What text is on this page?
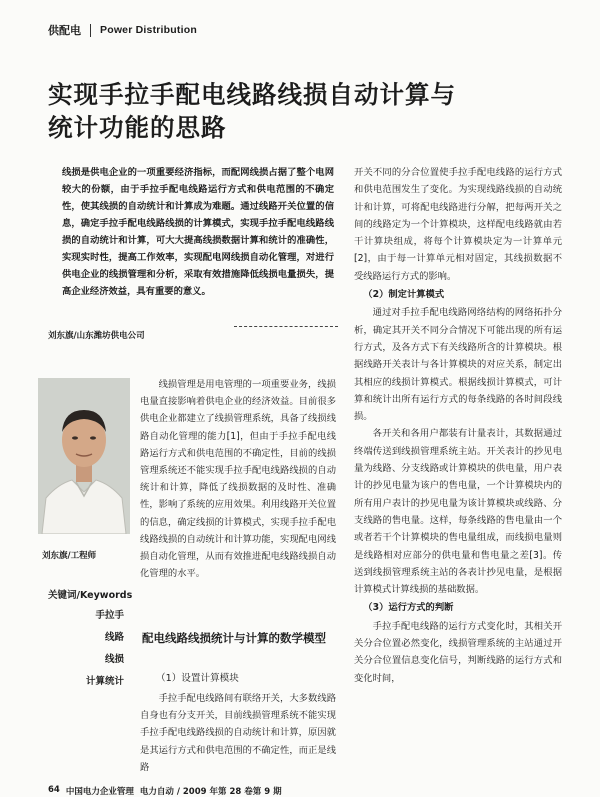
供配电 Power Distribution
实现手拉手配电线路线损自动计算与
统计功能的思路
线损是供电企业的一项重要经济指标，而配网线损占据了整个电网较大的份额，由于手拉手配电线路运行方式和供电范围的不确定性，使其线损的自动统计和计算成为难题。通过线路开关位置的信息，确定手拉手配电线路线损的计算模式，实现手拉手配电线路线损的自动统计和计算，可大大提高线损数据计算和统计的准确性，实现实时性，提高工作效率，实现配电网线损自动化管理，对进行供电企业的线损管理和分析，采取有效措施降低线损电量损失，提高企业经济效益，具有重要的意义。
刘东旗/山东潍坊供电公司
刘东旗/工程师
线损管理是用电管理的一项重要业务，线损电量直接影响着供电企业的经济效益。目前很多供电企业都建立了线损管理系统，具备了线损线路自动化管理的能力[1]，但由于手拉手配电线路运行方式和供电范围的不确定性，目前的线损管理系统还不能实现手拉手配电线路线损的自动统计和计算，降低了线损数据的及时性、准确性，影响了系统的应用效果。利用线路开关位置的信息，确定线损的计算模式，实现手拉手配电线路线损的自动统计和计算功能，实现配电网线损自动化管理，从而有效推进配电线路线损自动化管理的水平。
关键词/Keywords
手拉手
线路
线损
计算统计
配电线路线损统计与计算的数学模型
（1）设置计算模块
手拉手配电线路间有联络开关，大多数线路自身也有分支开关，目前线损管理系统不能实现手拉手配电线路线损的自动统计和计算，原因就是其运行方式和供电范围的不确定性，而正是线路

开关不同的分合位置使手拉手配电线路的运行方式和供电范围发生了变化。为实现线路线损的自动统计和计算，可将配电线路进行分解，把每两开关之间的线路定为一个计算模块，这样配电线路就由若干计算块组成，将每个计算模块定为一计算单元[2]，由于每一计算单元相对固定，其线损数据不受线路运行方式的影响。

（2）制定计算模式

通过对手拉手配电线路网络结构的网络拓扑分析，确定其开关不同分合情况下可能出现的所有运行方式，及各方式下有关线路所含的计算模块。根据线路开关表计与各计算模块的对应关系，制定出其相应的线损计算模式。根据线损计算模式，可计算和统计出所有运行方式的每条线路的各时间段线损。

各开关和各用户都装有计量表计，其数据通过终端传送到线损管理系统主站。开关表计的抄见电量为线路、分支线路或计算模块的供电量，用户表计的抄见电量为该户的售电量，一个计算模块内的所有用户表计的抄见电量为该计算模块或线路、分支线路的售电量。这样，每条线路的售电量由一个或者若干个计算模块的售电量组成，而线损电量则是线路相对应部分的供电量和售电量之差[3]。传送到线损管理系统主站的各表计抄见电量，是根据计算模式计算线损的基础数据。

（3）运行方式的判断

手拉手配电线路的运行方式变化时，其相关开关分合位置必然变化，线损管理系统的主站通过开关分合位置信息变化信号，判断线路的运行方式和变化时间，

64 中国电力企业管理 电力自动 / 2009 年第 28 卷第 9 期
